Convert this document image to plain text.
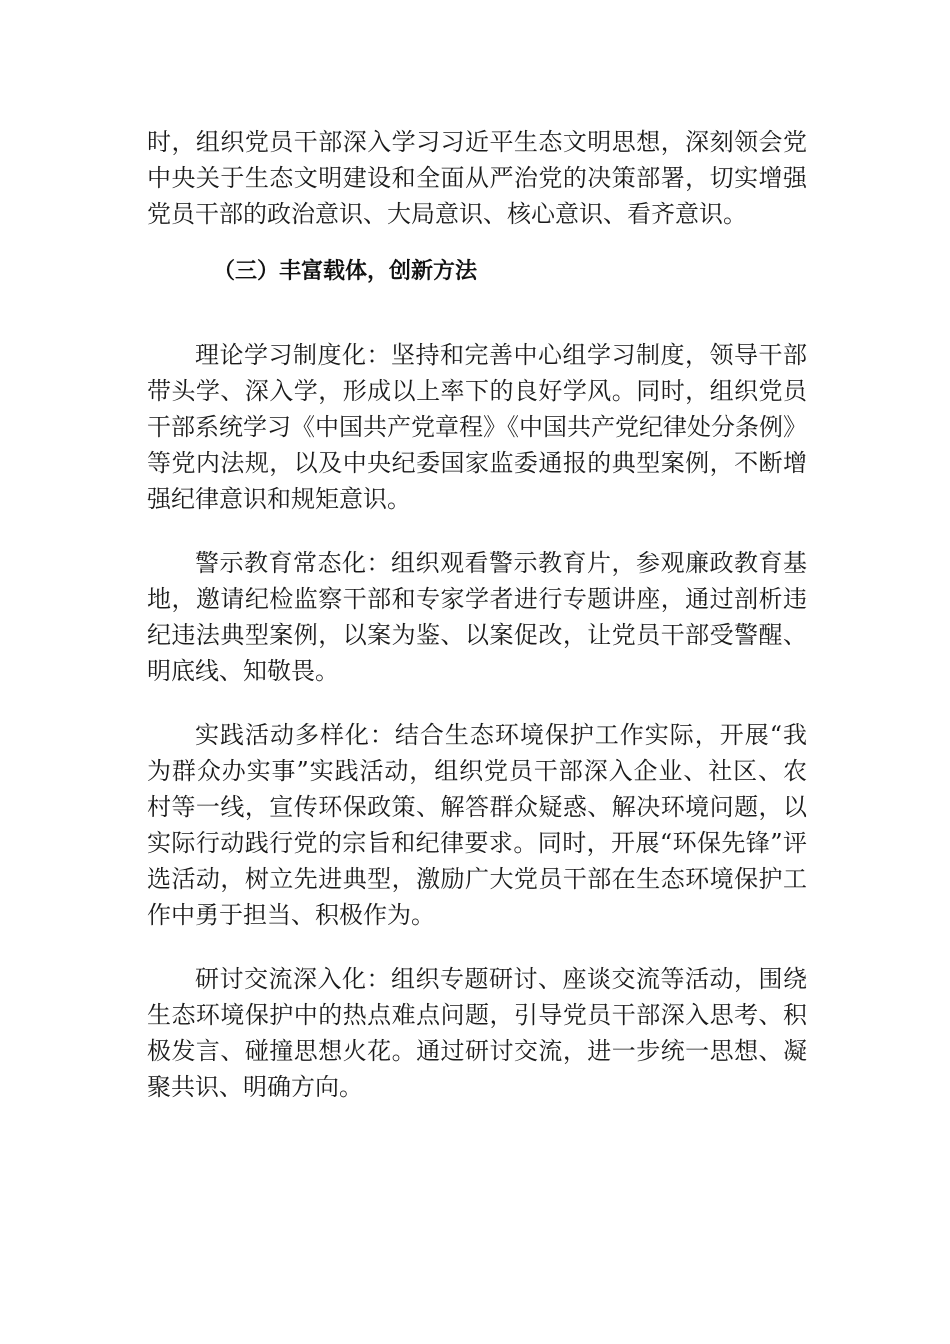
时，组织党员干部深入学习习近平生态文明思想，深刻领会党中央关于生态文明建设和全面从严治党的决策部署，切实增强党员干部的政治意识、大局意识、核心意识、看齐意识。

（三）丰富载体，创新方法

理论学习制度化：坚持和完善中心组学习制度，领导干部带头学、深入学，形成以上率下的良好学风。同时，组织党员干部系统学习《中国共产党章程》《中国共产党纪律处分条例》等党内法规，以及中央纪委国家监委通报的典型案例，不断增强纪律意识和规矩意识。

警示教育常态化：组织观看警示教育片，参观廉政教育基地，邀请纪检监察干部和专家学者进行专题讲座，通过剖析违纪违法典型案例，以案为鉴、以案促改，让党员干部受警醒、明底线、知敬畏。

实践活动多样化：结合生态环境保护工作实际，开展“我为群众办实事”实践活动，组织党员干部深入企业、社区、农村等一线，宣传环保政策、解答群众疑惑、解决环境问题，以实际行动践行党的宗旨和纪律要求。同时，开展“环保先锋”评选活动，树立先进典型，激励广大党员干部在生态环境保护工作中勇于担当、积极作为。

研讨交流深入化：组织专题研讨、座谈交流等活动，围绕生态环境保护中的热点难点问题，引导党员干部深入思考、积极发言、碰撞思想火花。通过研讨交流，进一步统一思想、凝聚共识、明确方向。
